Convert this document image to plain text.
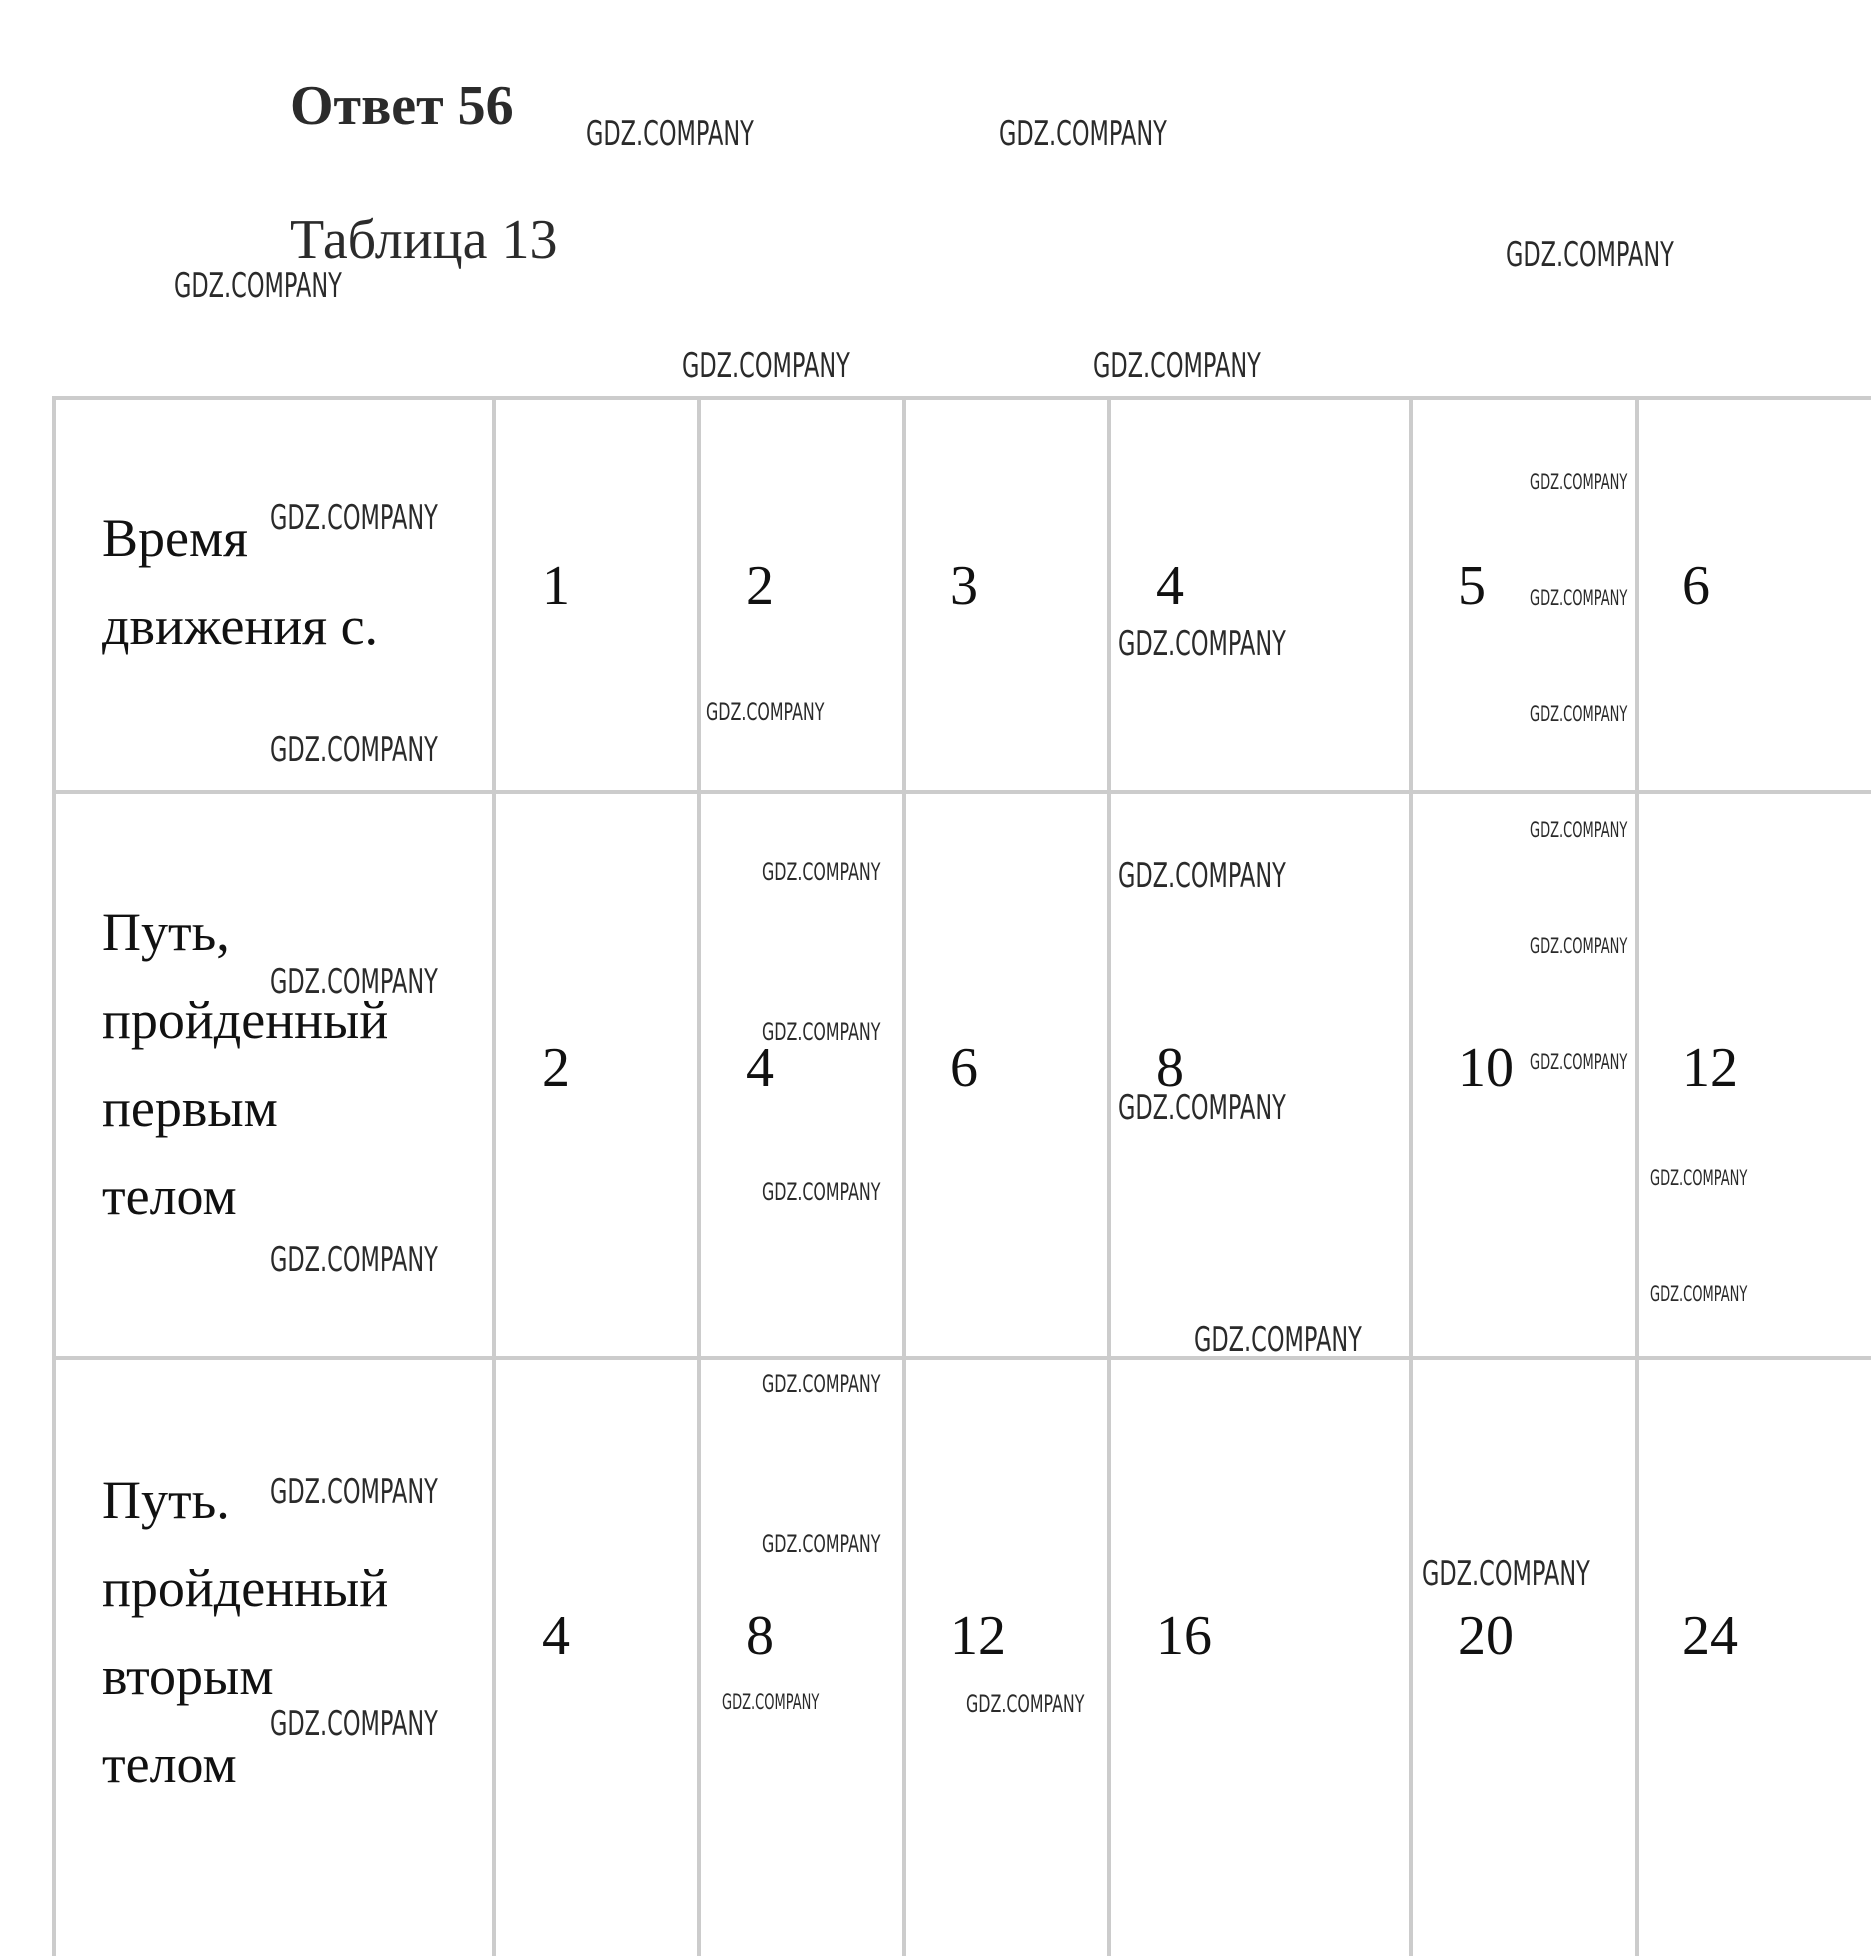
Ответ 56
Таблица 13
Время
движения с.
1	2	3	4	5	6
Путь,
пройденный
первым
телом
2	4	6	8	10	12
Путь.
пройденный
вторым
телом
4	8	12	16	20	24
GDZ.COMPANY	GDZ.COMPANY
GDZ.COMPANY
GDZ.COMPANY
GDZ.COMPANY	GDZ.COMPANY
GDZ.COMPANY
GDZ.COMPANY
GDZ.COMPANY
GDZ.COMPANY
GDZ.COMPANY
GDZ.COMPANY
GDZ.COMPANY
GDZ.COMPANY
GDZ.COMPANY
GDZ.COMPANY
GDZ.COMPANY
GDZ.COMPANY
GDZ.COMPANY
GDZ.COMPANY
GDZ.COMPANY
GDZ.COMPANY
GDZ.COMPANY
GDZ.COMPANY
GDZ.COMPANY
GDZ.COMPANY
GDZ.COMPANY
GDZ.COMPANY
GDZ.COMPANY
GDZ.COMPANY
GDZ.COMPANY
GDZ.COMPANY	GDZ.COMPANY
